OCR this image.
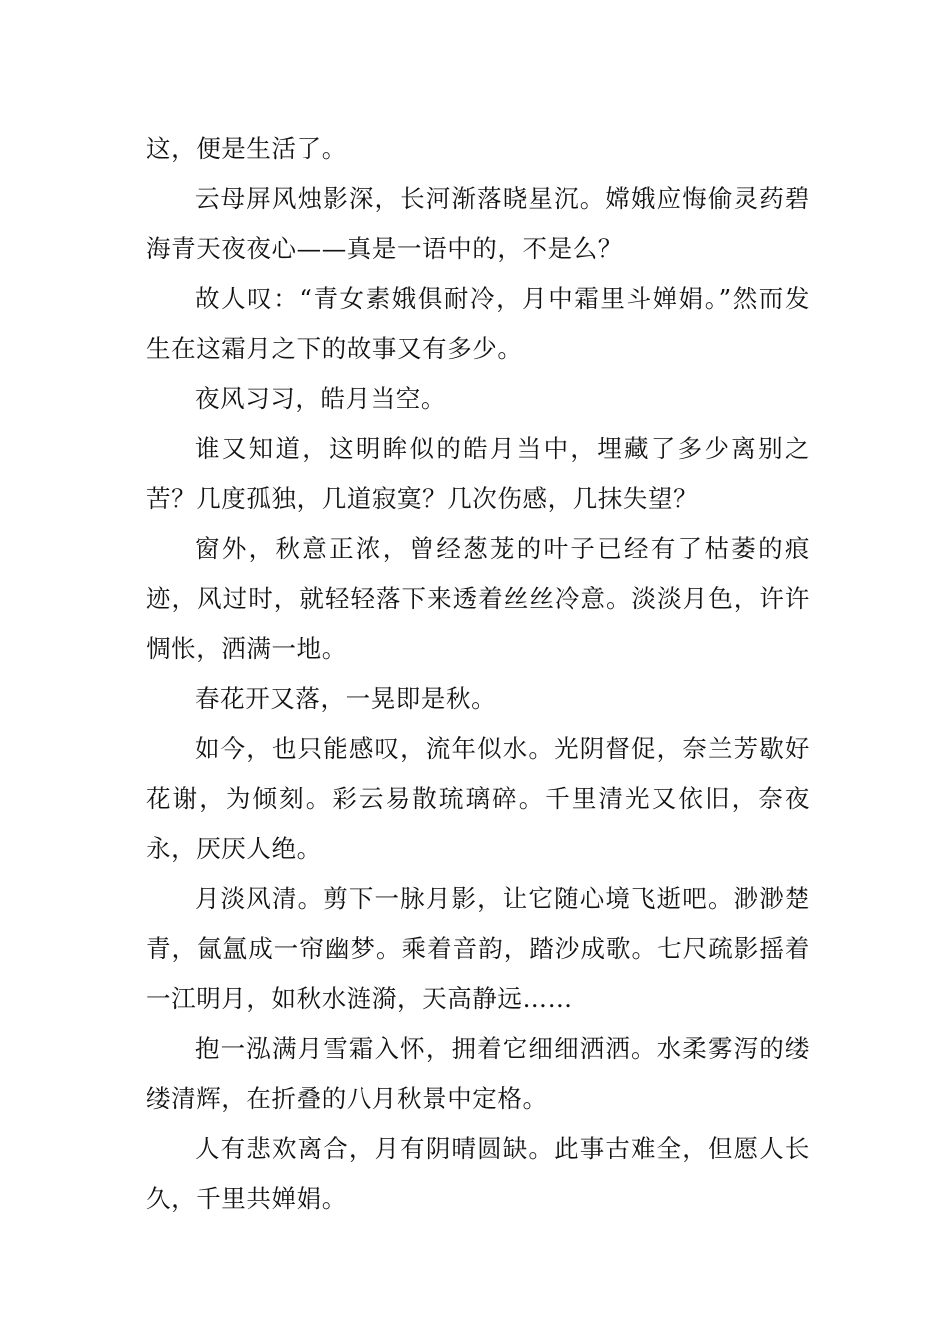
这，便是生活了。

云母屏风烛影深，长河渐落晓星沉。嫦娥应悔偷灵药碧海青天夜夜心——真是一语中的，不是么？

故人叹：“青女素娥俱耐冷，月中霜里斗婵娟。”然而发生在这霜月之下的故事又有多少。

夜风习习，皓月当空。

谁又知道，这明眸似的皓月当中，埋藏了多少离别之苦？几度孤独，几道寂寞？几次伤感，几抹失望？

窗外，秋意正浓，曾经葱茏的叶子已经有了枯萎的痕迹，风过时，就轻轻落下来透着丝丝冷意。淡淡月色，许许惆怅，洒满一地。

春花开又落，一晃即是秋。

如今，也只能感叹，流年似水。光阴督促，奈兰芳歇好花谢，为倾刻。彩云易散琉璃碎。千里清光又依旧，奈夜永，厌厌人绝。

月淡风清。剪下一脉月影，让它随心境飞逝吧。渺渺楚青，氤氲成一帘幽梦。乘着音韵，踏沙成歌。七尺疏影摇着一江明月，如秋水涟漪，天高静远……

抱一泓满月雪霜入怀，拥着它细细洒洒。水柔雾泻的缕缕清辉，在折叠的八月秋景中定格。

人有悲欢离合，月有阴晴圆缺。此事古难全，但愿人长久，千里共婵娟。
